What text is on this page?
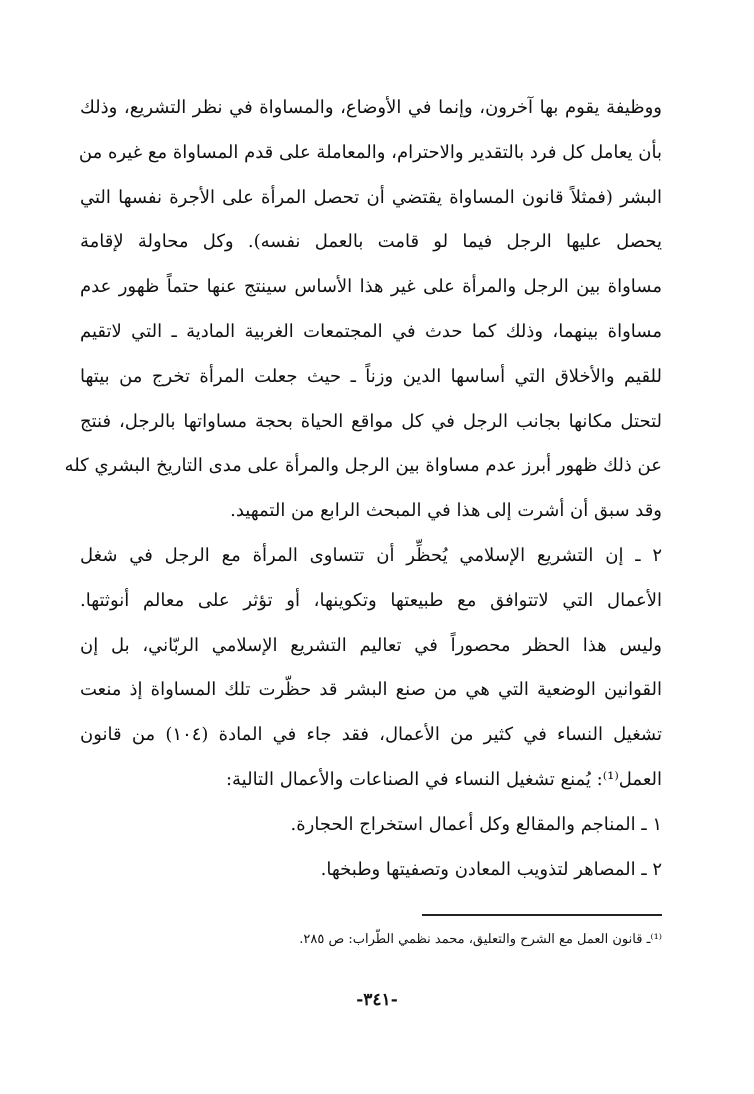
ووظيفة يقوم بها آخرون، وإنما في الأوضاع، والمساواة في نظر التشريع، وذلك
بأن يعامل كل فرد بالتقدير والاحترام، والمعاملة على قدم المساواة مع غيره من
البشر (فمثلاً قانون المساواة يقتضي أن تحصل المرأة على الأجرة نفسها التي
يحصل عليها الرجل فيما لو قامت بالعمل نفسه). وكل محاولة لإقامة
مساواة بين الرجل والمرأة على غير هذا الأساس سينتج عنها حتماً ظهور عدم
مساواة بينهما، وذلك كما حدث في المجتمعات الغربية المادية ـ التي لاتقيم
للقيم والأخلاق التي أساسها الدين وزناً ـ حيث جعلت المرأة تخرج من بيتها
لتحتل مكانها بجانب الرجل في كل مواقع الحياة بحجة مساواتها بالرجل، فنتج
عن ذلك ظهور أبرز عدم مساواة بين الرجل والمرأة على مدى التاريخ البشري كله
وقد سبق أن أشرت إلى هذا في المبحث الرابع من التمهيد.
٢ ـ إن التشريع الإسلامي يُحظِّر أن تتساوى المرأة مع الرجل في شغل
الأعمال التي لاتتوافق مع طبيعتها وتكوينها، أو تؤثر على معالم أنوثتها.
وليس هذا الحظر محصوراً في تعاليم التشريع الإسلامي الربّاني، بل إن
القوانين الوضعية التي هي من صنع البشر قد حظّرت تلك المساواة إذ منعت
تشغيل النساء في كثير من الأعمال، فقد جاء في المادة (١٠٤) من قانون
العمل⁽¹⁾: يُمنع تشغيل النساء في الصناعات والأعمال التالية:
١ ـ المناجم والمقالع وكل أعمال استخراج الحجارة.
٢ ـ المصاهر لتذويب المعادن وتصفيتها وطبخها.
⁽¹⁾ـ قانون العمل مع الشرح والتعليق، محمد نظمي الطّراب: ص ٢٨٥.
-٣٤١-
